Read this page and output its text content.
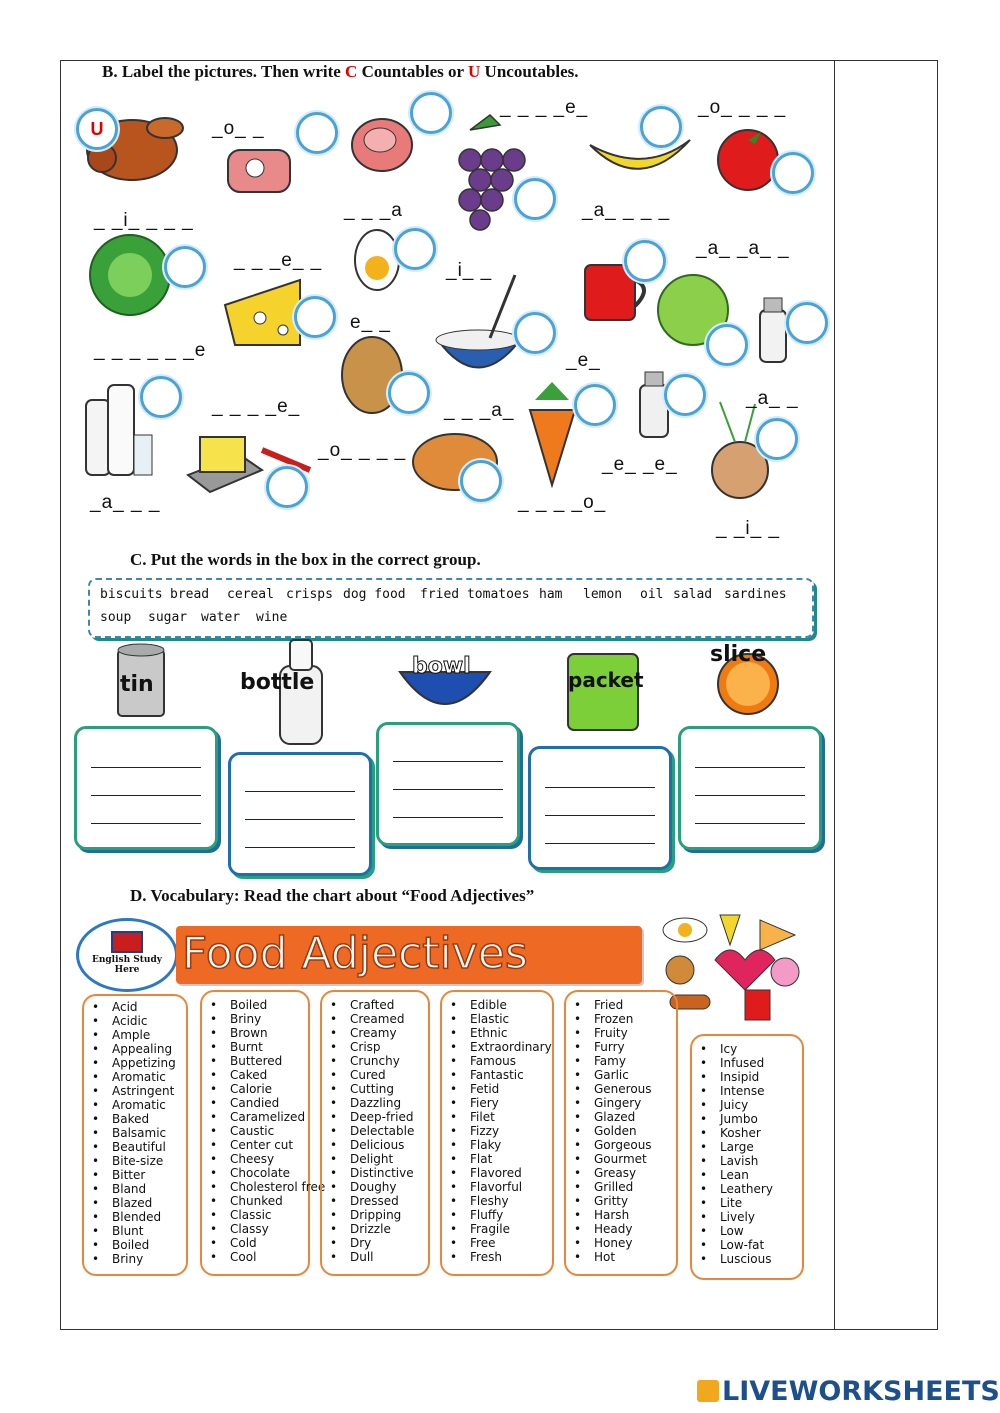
B. Label the pictures. Then write C Countables or U Uncoutables.
U	_o_ _
_ _ _ _e_	_o_ _ _ _
_ _i_ _ _ _	_ _ _a	_a_ _ _ _
_ _ _e_ _	_i_ _
_a_ _a_ _
_ _ _ _ _ _e
e_ _
_e_
_ _ _ _e_
_o_ _ _ _
_ _ _a_
_a_ _
_e_ _e_
_a_ _ _	_ _ _ _o_
_ _i_ _
C. Put the words in the box in the correct group.
biscuits bread cereal crisps dog food fried tomatoes ham lemon oil salad sardines
soup sugar water wine
tin	bottle
bowl
packet
slice
D. Vocabulary: Read the chart about “Food Adjectives”
English Study
Here Food Adjectives
• Acid
• Acidic
• Ample
• Appealing
• Appetizing
• Aromatic
• Astringent
• Aromatic
• Baked
• Balsamic
• Beautiful
• Bite-size
• Bitter
• Bland
• Blazed
• Blended
• Blunt
• Boiled
• Briny
• Boiled
• Briny
• Brown
• Burnt
• Buttered
• Caked
• Calorie
• Candied
• Caramelized
• Caustic
• Center cut
• Cheesy
• Chocolate
• Cholesterol free
• Chunked
• Classic
• Classy
• Cold
• Cool
• Crafted
• Creamed
• Creamy
• Crisp
• Crunchy
• Cured
• Cutting
• Dazzling
• Deep-fried
• Delectable
• Delicious
• Delight
• Distinctive
• Doughy
• Dressed
• Dripping
• Drizzle
• Dry
• Dull
• Edible
• Elastic
• Ethnic
• Extraordinary
• Famous
• Fantastic
• Fetid
• Fiery
• Filet
• Fizzy
• Flaky
• Flat
• Flavored
• Flavorful
• Fleshy
• Fluffy
• Fragile
• Free
• Fresh
• Fried
• Frozen
• Fruity
• Furry
• Famy
• Garlic
• Generous
• Gingery
• Glazed
• Golden
• Gorgeous
• Gourmet
• Greasy
• Grilled
• Gritty
• Harsh
• Heady
• Honey
• Hot
• Icy
• Infused
• Insipid
• Intense
• Juicy
• Jumbo
• Kosher
• Large
• Lavish
• Lean
• Leathery
• Lite
• Lively
• Low
• Low-fat
• Luscious
LIVEWORKSHEETS
